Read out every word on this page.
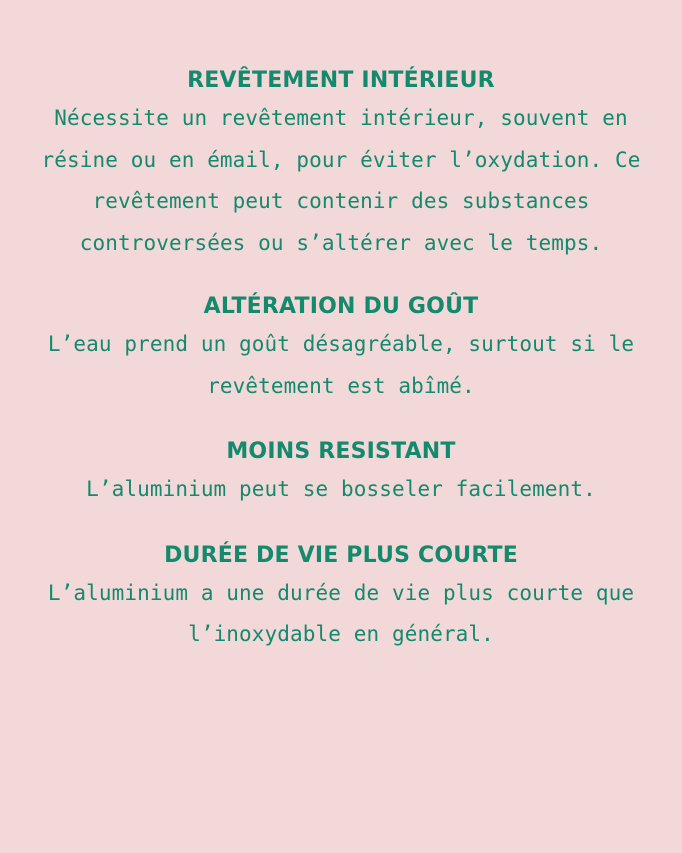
REVÊTEMENT INTÉRIEUR

Nécessite un revêtement intérieur, souvent en
résine ou en émail, pour éviter l’oxydation. Ce
revêtement peut contenir des substances
controversées ou s’altérer avec le temps.

ALTÉRATION DU GOÛT

L’eau prend un goût désagréable, surtout si le
revêtement est abîmé.

MOINS RESISTANT

L’aluminium peut se bosseler facilement.

DURÉE DE VIE PLUS COURTE

L’aluminium a une durée de vie plus courte que
l’inoxydable en général.
